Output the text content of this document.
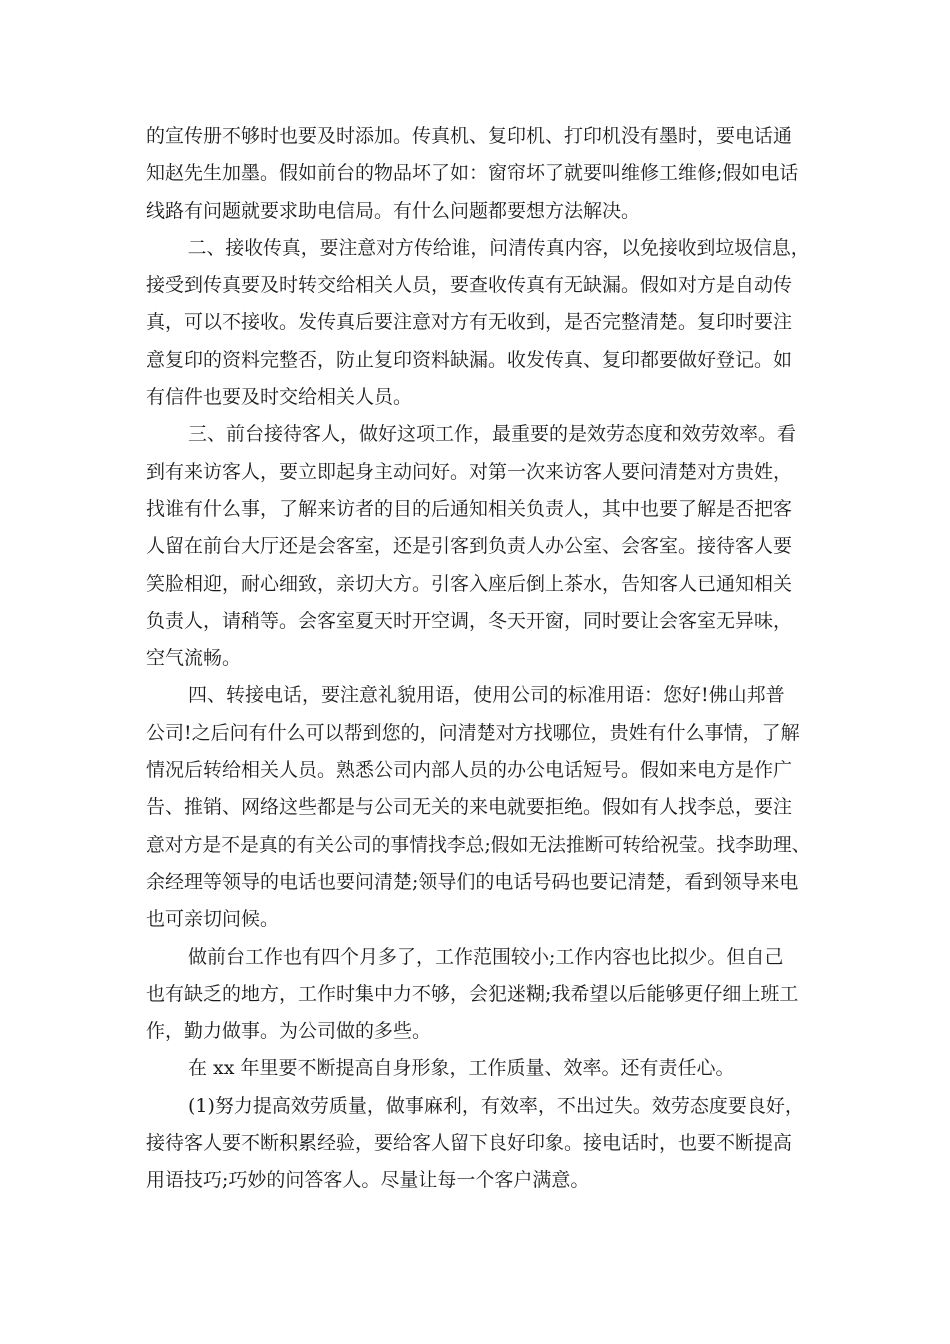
的宣传册不够时也要及时添加。传真机、复印机、打印机没有墨时，要电话通
知赵先生加墨。假如前台的物品坏了如：窗帘坏了就要叫维修工维修;假如电话
线路有问题就要求助电信局。有什么问题都要想方法解决。
二、接收传真，要注意对方传给谁，问清传真内容，以免接收到垃圾信息，
接受到传真要及时转交给相关人员，要查收传真有无缺漏。假如对方是自动传
真，可以不接收。发传真后要注意对方有无收到，是否完整清楚。复印时要注
意复印的资料完整否，防止复印资料缺漏。收发传真、复印都要做好登记。如
有信件也要及时交给相关人员。
三、前台接待客人，做好这项工作，最重要的是效劳态度和效劳效率。看
到有来访客人，要立即起身主动问好。对第一次来访客人要问清楚对方贵姓，
找谁有什么事，了解来访者的目的后通知相关负责人，其中也要了解是否把客
人留在前台大厅还是会客室，还是引客到负责人办公室、会客室。接待客人要
笑脸相迎，耐心细致，亲切大方。引客入座后倒上茶水，告知客人已通知相关
负责人，请稍等。会客室夏天时开空调，冬天开窗，同时要让会客室无异味，
空气流畅。
四、转接电话，要注意礼貌用语，使用公司的标准用语：您好!佛山邦普
公司!之后问有什么可以帮到您的，问清楚对方找哪位，贵姓有什么事情，了解
情况后转给相关人员。熟悉公司内部人员的办公电话短号。假如来电方是作广
告、推销、网络这些都是与公司无关的来电就要拒绝。假如有人找李总，要注
意对方是不是真的有关公司的事情找李总;假如无法推断可转给祝莹。找李助理、
余经理等领导的电话也要问清楚;领导们的电话号码也要记清楚，看到领导来电
也可亲切问候。
做前台工作也有四个月多了，工作范围较小;工作内容也比拟少。但自己
也有缺乏的地方，工作时集中力不够，会犯迷糊;我希望以后能够更仔细上班工
作，勤力做事。为公司做的多些。
在 xx 年里要不断提高自身形象，工作质量、效率。还有责任心。
(1)努力提高效劳质量，做事麻利，有效率，不出过失。效劳态度要良好，
接待客人要不断积累经验，要给客人留下良好印象。接电话时，也要不断提高
用语技巧;巧妙的问答客人。尽量让每一个客户满意。
